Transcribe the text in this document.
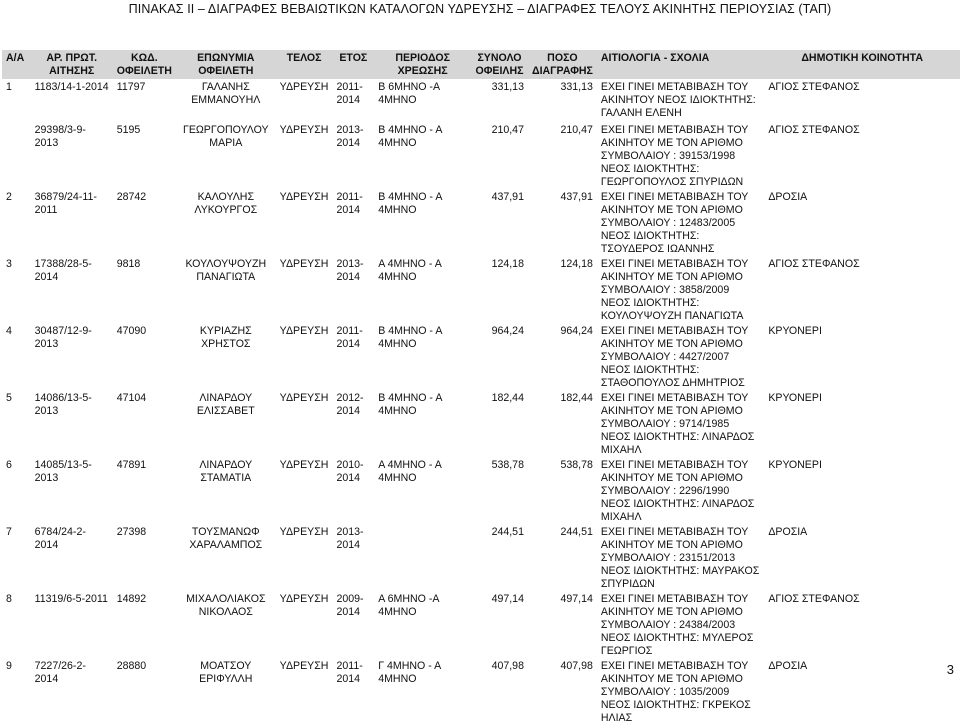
ΠΙΝΑΚΑΣ ΙΙ – ΔΙΑΓΡΑΦΕΣ ΒΕΒΑΙΩΤΙΚΩΝ ΚΑΤΑΛΟΓΩΝ ΥΔΡΕΥΣΗΣ – ΔΙΑΓΡΑΦΕΣ ΤΕΛΟΥΣ ΑΚΙΝΗΤΗΣ ΠΕΡΙΟΥΣΙΑΣ (ΤΑΠ)
Α/Α	ΑΡ. ΠΡΩΤ. ΑΙΤΗΣΗΣ	ΚΩΔ. ΟΦΕΙΛΕΤΗ	ΕΠΩΝΥΜΙΑ ΟΦΕΙΛΕΤΗ	ΤΕΛΟΣ	ΕΤΟΣ	ΠΕΡΙΟΔΟΣ ΧΡΕΩΣΗΣ	ΣΥΝΟΛΟ ΟΦΕΙΛΗΣ	ΠΟΣΟ ΔΙΑΓΡΑΦΗΣ	ΑΙΤΙΟΛΟΓΙΑ - ΣΧΟΛΙΑ	ΔΗΜΟΤΙΚΗ ΚΟΙΝΟΤΗΤΑ
1	1183/14-1-2014	11797	ΓΑΛΑΝΗΣ ΕΜΜΑΝΟΥΗΛ	ΥΔΡΕΥΣΗ	2011-2014	Β 6ΜΗΝΟ -Α 4ΜΗΝΟ	331,13	331,13	ΕΧΕΙ ΓΙΝΕΙ ΜΕΤΑΒΙΒΑΣΗ ΤΟΥ ΑΚΙΝΗΤΟΥ ΝΕΟΣ ΙΔΙΟΚΤΗΤΗΣ: ΓΑΛΑΝΗ ΕΛΕΝΗ	ΑΓΙΟΣ ΣΤΕΦΑΝΟΣ
	29398/3-9-2013	5195	ΓΕΩΡΓΟΠΟΥΛΟΥ ΜΑΡΙΑ	ΥΔΡΕΥΣΗ	2013-2014	Β 4ΜΗΝΟ - Α 4ΜΗΝΟ	210,47	210,47	ΕΧΕΙ ΓΙΝΕΙ ΜΕΤΑΒΙΒΑΣΗ ΤΟΥ ΑΚΙΝΗΤΟΥ ΜΕ ΤΟΝ ΑΡΙΘΜΟ ΣΥΜΒΟΛΑΙΟΥ : 39153/1998 ΝΕΟΣ ΙΔΙΟΚΤΗΤΗΣ: ΓΕΩΡΓΟΠΟΥΛΟΣ ΣΠΥΡΙΔΩΝ	ΑΓΙΟΣ ΣΤΕΦΑΝΟΣ
2	36879/24-11-2011	28742	ΚΑΛΟΥΛΗΣ ΛΥΚΟΥΡΓΟΣ	ΥΔΡΕΥΣΗ	2011-2014	Β 4ΜΗΝΟ - Α 4ΜΗΝΟ	437,91	437,91	ΕΧΕΙ ΓΙΝΕΙ ΜΕΤΑΒΙΒΑΣΗ ΤΟΥ ΑΚΙΝΗΤΟΥ ΜΕ ΤΟΝ ΑΡΙΘΜΟ ΣΥΜΒΟΛΑΙΟΥ : 12483/2005 ΝΕΟΣ ΙΔΙΟΚΤΗΤΗΣ: ΤΣΟΥΔΕΡΟΣ ΙΩΑΝΝΗΣ	ΔΡΟΣΙΑ
3	17388/28-5-2014	9818	ΚΟΥΛΟΥΨΟΥΖΗ ΠΑΝΑΓΙΩΤΑ	ΥΔΡΕΥΣΗ	2013-2014	Α 4ΜΗΝΟ - Α 4ΜΗΝΟ	124,18	124,18	ΕΧΕΙ ΓΙΝΕΙ ΜΕΤΑΒΙΒΑΣΗ ΤΟΥ ΑΚΙΝΗΤΟΥ ΜΕ ΤΟΝ ΑΡΙΘΜΟ ΣΥΜΒΟΛΑΙΟΥ : 3858/2009 ΝΕΟΣ ΙΔΙΟΚΤΗΤΗΣ: ΚΟΥΛΟΥΨΟΥΖΗ ΠΑΝΑΓΙΩΤΑ	ΑΓΙΟΣ ΣΤΕΦΑΝΟΣ
4	30487/12-9-2013	47090	ΚΥΡΙΑΖΗΣ ΧΡΗΣΤΟΣ	ΥΔΡΕΥΣΗ	2011-2014	Β 4ΜΗΝΟ - Α 4ΜΗΝΟ	964,24	964,24	ΕΧΕΙ ΓΙΝΕΙ ΜΕΤΑΒΙΒΑΣΗ ΤΟΥ ΑΚΙΝΗΤΟΥ ΜΕ ΤΟΝ ΑΡΙΘΜΟ ΣΥΜΒΟΛΑΙΟΥ : 4427/2007 ΝΕΟΣ ΙΔΙΟΚΤΗΤΗΣ: ΣΤΑΘΟΠΟΥΛΟΣ ΔΗΜΗΤΡΙΟΣ	ΚΡΥΟΝΕΡΙ
5	14086/13-5-2013	47104	ΛΙΝΑΡΔΟΥ ΕΛΙΣΣΑΒΕΤ	ΥΔΡΕΥΣΗ	2012-2014	Β 4ΜΗΝΟ - Α 4ΜΗΝΟ	182,44	182,44	ΕΧΕΙ ΓΙΝΕΙ ΜΕΤΑΒΙΒΑΣΗ ΤΟΥ ΑΚΙΝΗΤΟΥ ΜΕ ΤΟΝ ΑΡΙΘΜΟ ΣΥΜΒΟΛΑΙΟΥ : 9714/1985 ΝΕΟΣ ΙΔΙΟΚΤΗΤΗΣ: ΛΙΝΑΡΔΟΣ ΜΙΧΑΗΛ	ΚΡΥΟΝΕΡΙ
6	14085/13-5-2013	47891	ΛΙΝΑΡΔΟΥ ΣΤΑΜΑΤΙΑ	ΥΔΡΕΥΣΗ	2010-2014	Α 4ΜΗΝΟ - Α 4ΜΗΝΟ	538,78	538,78	ΕΧΕΙ ΓΙΝΕΙ ΜΕΤΑΒΙΒΑΣΗ ΤΟΥ ΑΚΙΝΗΤΟΥ ΜΕ ΤΟΝ ΑΡΙΘΜΟ ΣΥΜΒΟΛΑΙΟΥ : 2296/1990 ΝΕΟΣ ΙΔΙΟΚΤΗΤΗΣ: ΛΙΝΑΡΔΟΣ ΜΙΧΑΗΛ	ΚΡΥΟΝΕΡΙ
7	6784/24-2-2014	27398	ΤΟΥΣΜΑΝΩΦ ΧΑΡΑΛΑΜΠΟΣ	ΥΔΡΕΥΣΗ	2013-2014		244,51	244,51	ΕΧΕΙ ΓΙΝΕΙ ΜΕΤΑΒΙΒΑΣΗ ΤΟΥ ΑΚΙΝΗΤΟΥ ΜΕ ΤΟΝ ΑΡΙΘΜΟ ΣΥΜΒΟΛΑΙΟΥ : 23151/2013 ΝΕΟΣ ΙΔΙΟΚΤΗΤΗΣ: ΜΑΥΡΑΚΟΣ ΣΠΥΡΙΔΩΝ	ΔΡΟΣΙΑ
8	11319/6-5-2011	14892	ΜΙΧΑΛΟΛΙΑΚΟΣ ΝΙΚΟΛΑΟΣ	ΥΔΡΕΥΣΗ	2009-2014	Α 6ΜΗΝΟ -Α 4ΜΗΝΟ	497,14	497,14	ΕΧΕΙ ΓΙΝΕΙ ΜΕΤΑΒΙΒΑΣΗ ΤΟΥ ΑΚΙΝΗΤΟΥ ΜΕ ΤΟΝ ΑΡΙΘΜΟ ΣΥΜΒΟΛΑΙΟΥ : 24384/2003 ΝΕΟΣ ΙΔΙΟΚΤΗΤΗΣ: ΜΥΛΕΡΟΣ ΓΕΩΡΓΙΟΣ	ΑΓΙΟΣ ΣΤΕΦΑΝΟΣ
9	7227/26-2-2014	28880	ΜΟΑΤΣΟΥ ΕΡΙΦΥΛΛΗ	ΥΔΡΕΥΣΗ	2011-2014	Γ 4ΜΗΝΟ - Α 4ΜΗΝΟ	407,98	407,98	ΕΧΕΙ ΓΙΝΕΙ ΜΕΤΑΒΙΒΑΣΗ ΤΟΥ ΑΚΙΝΗΤΟΥ ΜΕ ΤΟΝ ΑΡΙΘΜΟ ΣΥΜΒΟΛΑΙΟΥ : 1035/2009 ΝΕΟΣ ΙΔΙΟΚΤΗΤΗΣ: ΓΚΡΕΚΟΣ ΗΛΙΑΣ	ΔΡΟΣΙΑ	3
